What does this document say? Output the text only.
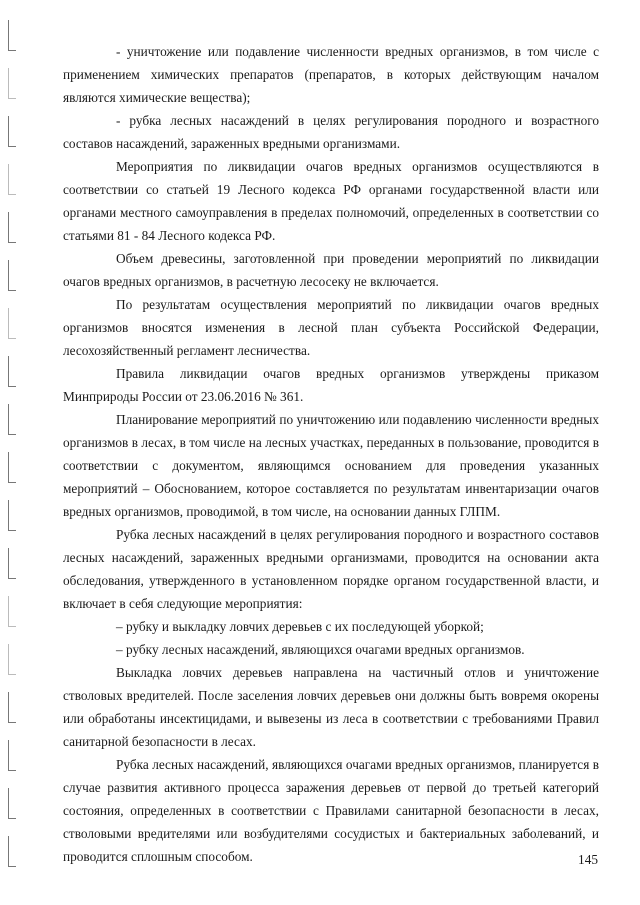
- уничтожение или подавление численности вредных организмов, в том числе с применением химических препаратов (препаратов, в которых действующим началом являются химические вещества);

- рубка лесных насаждений в целях регулирования породного и возрастного составов насаждений, зараженных вредными организмами.

Мероприятия по ликвидации очагов вредных организмов осуществляются в соответствии со статьей 19 Лесного кодекса РФ органами государственной власти или органами местного самоуправления в пределах полномочий, определенных в соответствии со статьями 81 - 84 Лесного кодекса РФ.

Объем древесины, заготовленной при проведении мероприятий по ликвидации очагов вредных организмов, в расчетную лесосеку не включается.

По результатам осуществления мероприятий по ликвидации очагов вредных организмов вносятся изменения в лесной план субъекта Российской Федерации, лесохозяйственный регламент лесничества.

Правила ликвидации очагов вредных организмов утверждены приказом Минприроды России от 23.06.2016 № 361.

Планирование мероприятий по уничтожению или подавлению численности вредных организмов в лесах, в том числе на лесных участках, переданных в пользование, проводится в соответствии с документом, являющимся основанием для проведения указанных мероприятий – Обоснованием, которое составляется по результатам инвентаризации очагов вредных организмов, проводимой, в том числе, на основании данных ГЛПМ.

Рубка лесных насаждений в целях регулирования породного и возрастного составов лесных насаждений, зараженных вредными организмами, проводится на основании акта обследования, утвержденного в установленном порядке органом государственной власти, и включает в себя следующие мероприятия:

– рубку и выкладку ловчих деревьев с их последующей уборкой;

– рубку лесных насаждений, являющихся очагами вредных организмов.

Выкладка ловчих деревьев направлена на частичный отлов и уничтожение стволовых вредителей. После заселения ловчих деревьев они должны быть вовремя окорены или обработаны инсектицидами, и вывезены из леса в соответствии с требованиями Правил санитарной безопасности в лесах.

Рубка лесных насаждений, являющихся очагами вредных организмов, планируется в случае развития активного процесса заражения деревьев от первой до третьей категорий состояния, определенных в соответствии с Правилами санитарной безопасности в лесах, стволовыми вредителями или возбудителями сосудистых и бактериальных заболеваний, и проводится сплошным способом.	145
